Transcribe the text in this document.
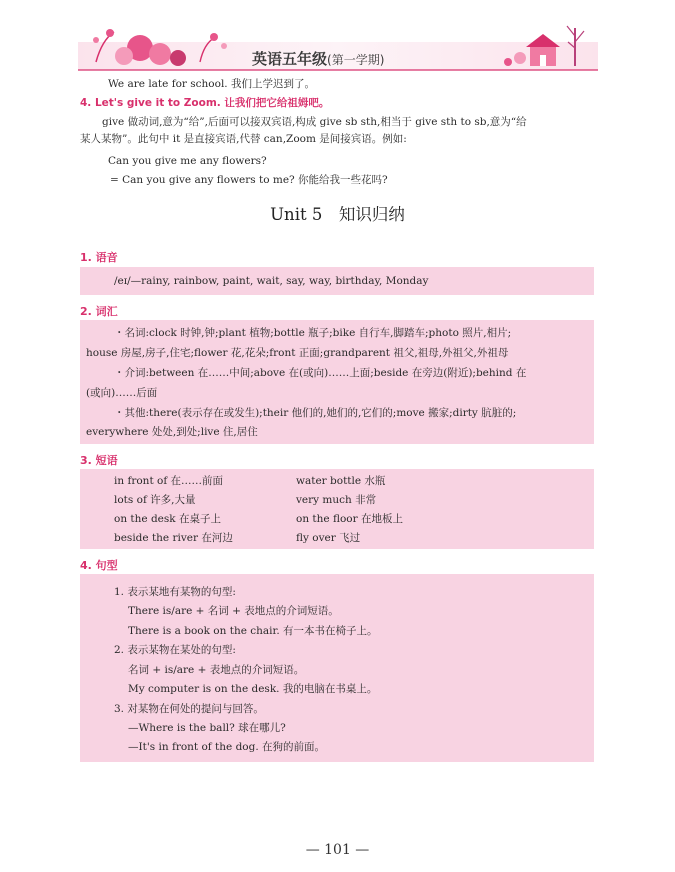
英语五年级(第一学期)
We are late for school. 我们上学迟到了。
4. Let's give it to Zoom. 让我们把它给祖姆吧。
give 做动词,意为“给”,后面可以接双宾语,构成 give sb sth,相当于 give sth to sb,意为“给
某人某物”。此句中 it 是直接宾语,代替 can,Zoom 是间接宾语。例如:
Can you give me any flowers?
= Can you give any flowers to me? 你能给我一些花吗?
Unit 5　知识归纳
1. 语音
/eɪ/—rainy, rainbow, paint, wait, say, way, birthday, Monday
2. 词汇
・名词:clock 时钟,钟;plant 植物;bottle 瓶子;bike 自行车,脚踏车;photo 照片,相片;
house 房屋,房子,住宅;flower 花,花朵;front 正面;grandparent 祖父,祖母,外祖父,外祖母
・介词:between 在……中间;above 在(或向)……上面;beside 在旁边(附近);behind 在
(或向)……后面
・其他:there(表示存在或发生);their 他们的,她们的,它们的;move 搬家;dirty 肮脏的;
everywhere 处处,到处;live 住,居住
3. 短语
in front of 在……前面
lots of 许多,大量
on the desk 在桌子上
beside the river 在河边
water bottle 水瓶
very much 非常
on the floor 在地板上
fly over 飞过
4. 句型
1. 表示某地有某物的句型:
There is/are + 名词 + 表地点的介词短语。
There is a book on the chair. 有一本书在椅子上。
2. 表示某物在某处的句型:
名词 + is/are + 表地点的介词短语。
My computer is on the desk. 我的电脑在书桌上。
3. 对某物在何处的提问与回答。
—Where is the ball? 球在哪儿?
—It's in front of the dog. 在狗的前面。
— 101 —
